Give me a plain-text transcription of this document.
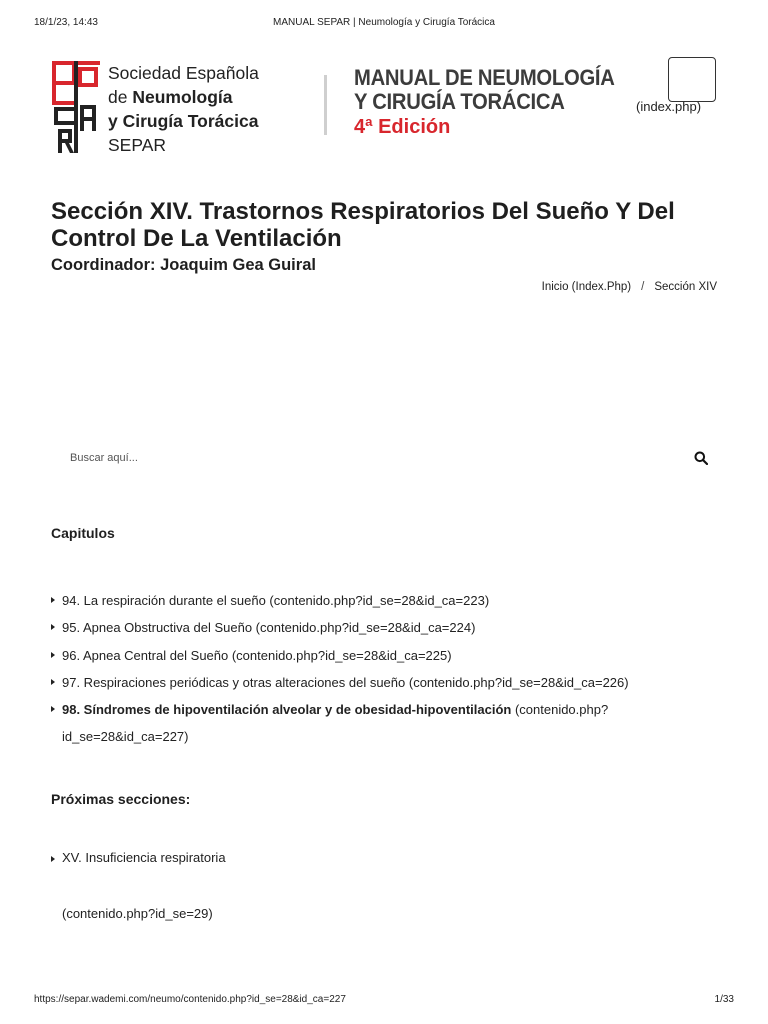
18/1/23, 14:43	MANUAL SEPAR | Neumología y Cirugía Torácica
Sociedad Española
de Neumología
y Cirugía Torácica
SEPAR
MANUAL DE NEUMOLOGÍA
Y CIRUGÍA TORÁCICA
4ª Edición
(index.php)
Sección XIV. Trastornos Respiratorios Del Sueño Y Del Control De La Ventilación
Coordinador: Joaquim Gea Guiral
Inicio (Index.Php) / Sección XIV
Buscar aquí...
Capitulos
94. La respiración durante el sueño (contenido.php?id_se=28&id_ca=223)
95. Apnea Obstructiva del Sueño (contenido.php?id_se=28&id_ca=224)
96. Apnea Central del Sueño (contenido.php?id_se=28&id_ca=225)
97. Respiraciones periódicas y otras alteraciones del sueño (contenido.php?id_se=28&id_ca=226)
98. Síndromes de hipoventilación alveolar y de obesidad-hipoventilación (contenido.php?
id_se=28&id_ca=227)
Próximas secciones:
XV. Insuficiencia respiratoria
(contenido.php?id_se=29)
https://separ.wademi.com/neumo/contenido.php?id_se=28&id_ca=227	1/33
